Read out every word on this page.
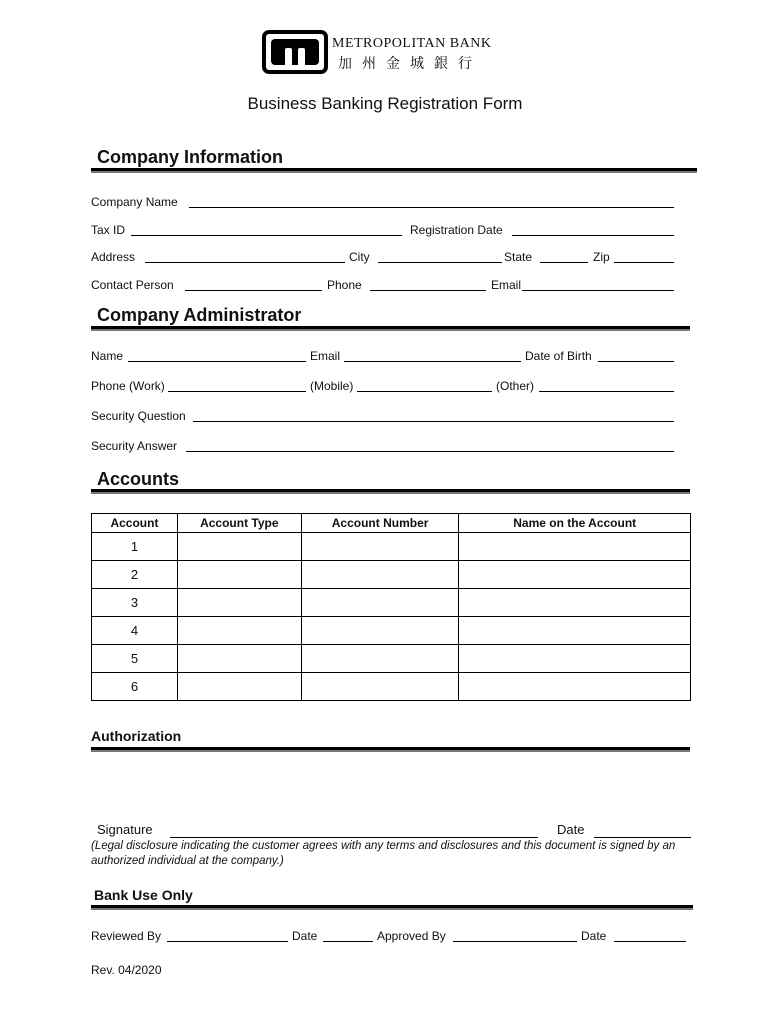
METROPOLITAN BANK
加州金城銀行
Business Banking Registration Form
Company Information
Company Name
Tax ID	Registration Date
Address	City	State	Zip
Contact Person	Phone	Email
Company Administrator
Name	Email	Date of Birth
Phone (Work)	(Mobile)	(Other)
Security Question
Security Answer
Accounts
Account	Account Type	Account Number	Name on the Account
1			
2			
3			
4			
5			
6			
Authorization
Signature	Date
(Legal disclosure indicating the customer agrees with any terms and disclosures and this document is signed by an authorized individual at the company.)
Bank Use Only
Reviewed By	Date	Approved By	Date
Rev. 04/2020
